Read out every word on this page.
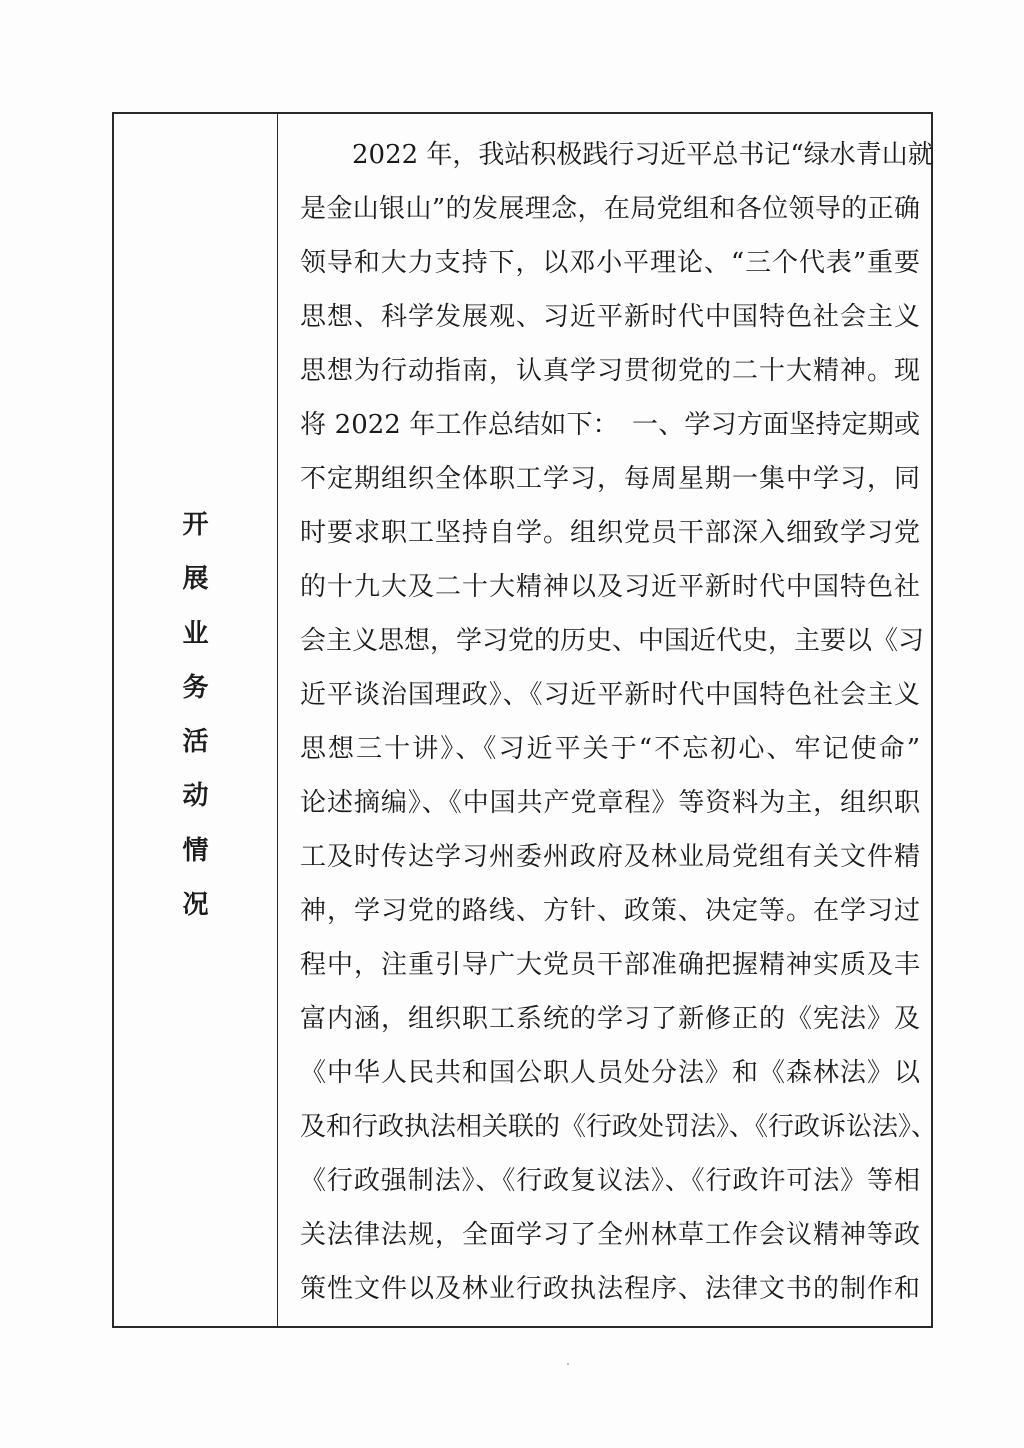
开
展
业
务
活
动
情
况
2022 年，我站积极践行习近平总书记“绿水青山就
是金山银山”的发展理念，在局党组和各位领导的正确
领导和大力支持下，以邓小平理论、“三个代表”重要
思想、科学发展观、习近平新时代中国特色社会主义
思想为行动指南，认真学习贯彻党的二十大精神。现
将 2022 年工作总结如下：　一、学习方面坚持定期或
不定期组织全体职工学习，每周星期一集中学习，同
时要求职工坚持自学。组织党员干部深入细致学习党
的十九大及二十大精神以及习近平新时代中国特色社
会主义思想，学习党的历史、中国近代史，主要以《习
近平谈治国理政》、《习近平新时代中国特色社会主义
思想三十讲》、《习近平关于“不忘初心、牢记使命”
论述摘编》、《中国共产党章程》等资料为主，组织职
工及时传达学习州委州政府及林业局党组有关文件精
神，学习党的路线、方针、政策、决定等。在学习过
程中，注重引导广大党员干部准确把握精神实质及丰
富内涵，组织职工系统的学习了新修正的《宪法》及
《中华人民共和国公职人员处分法》和《森林法》以
及和行政执法相关联的《行政处罚法》、《行政诉讼法》、
《行政强制法》、《行政复议法》、《行政许可法》等相
关法律法规，全面学习了全州林草工作会议精神等政
策性文件以及林业行政执法程序、法律文书的制作和
